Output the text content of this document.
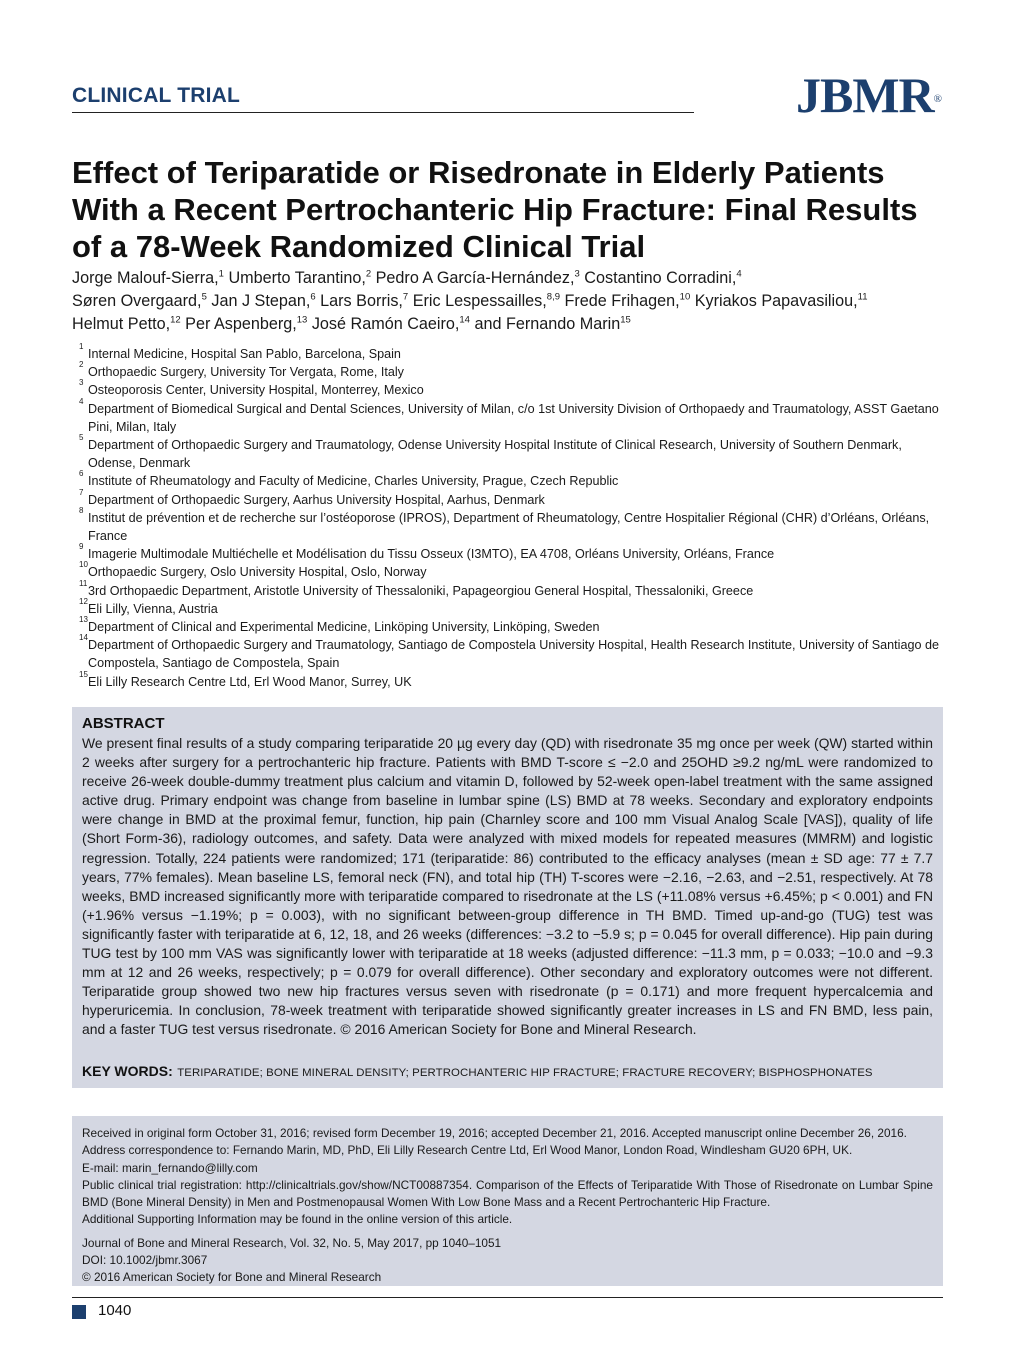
CLINICAL TRIAL	JBMR®
Effect of Teriparatide or Risedronate in Elderly Patients With a Recent Pertrochanteric Hip Fracture: Final Results of a 78-Week Randomized Clinical Trial
Jorge Malouf-Sierra,$^1$ Umberto Tarantino,$^2$ Pedro A García-Hernández,$^3$ Costantino Corradini,$^4$
Søren Overgaard,$^5$ Jan J Stepan,$^6$ Lars Borris,$^7$ Eric Lespessailles,$^{8,9}$ Frede Frihagen,$^{10}$ Kyriakos Papavasiliou,$^{11}$
Helmut Petto,$^{12}$ Per Aspenberg,$^{13}$ José Ramón Caeiro,$^{14}$ and Fernando Marin$^{15}$
1
Internal Medicine, Hospital San Pablo, Barcelona, Spain
2
Orthopaedic Surgery, University Tor Vergata, Rome, Italy
3
Osteoporosis Center, University Hospital, Monterrey, Mexico
4
Department of Biomedical Surgical and Dental Sciences, University of Milan, c/o 1st University Division of Orthopaedy and Traumatology, ASST Gaetano Pini, Milan, Italy
5
Department of Orthopaedic Surgery and Traumatology, Odense University Hospital Institute of Clinical Research, University of Southern Denmark, Odense, Denmark
6
Institute of Rheumatology and Faculty of Medicine, Charles University, Prague, Czech Republic
7
Department of Orthopaedic Surgery, Aarhus University Hospital, Aarhus, Denmark
8
Institut de prévention et de recherche sur l’ostéoporose (IPROS), Department of Rheumatology, Centre Hospitalier Régional (CHR) d’Orléans, Orléans, France
9
Imagerie Multimodale Multiéchelle et Modélisation du Tissu Osseux (I3MTO), EA 4708, Orléans University, Orléans, France
10
Orthopaedic Surgery, Oslo University Hospital, Oslo, Norway
11
3rd Orthopaedic Department, Aristotle University of Thessaloniki, Papageorgiou General Hospital, Thessaloniki, Greece
12
Eli Lilly, Vienna, Austria
13
Department of Clinical and Experimental Medicine, Linköping University, Linköping, Sweden
14
Department of Orthopaedic Surgery and Traumatology, Santiago de Compostela University Hospital, Health Research Institute, University of Santiago de Compostela, Santiago de Compostela, Spain
15
Eli Lilly Research Centre Ltd, Erl Wood Manor, Surrey, UK
ABSTRACT
We present final results of a study comparing teriparatide 20 µg every day (QD) with risedronate 35 mg once per week (QW) started within 2 weeks after surgery for a pertrochanteric hip fracture. Patients with BMD T-score ≤ −2.0 and 25OHD ≥9.2 ng/mL were randomized to receive 26-week double-dummy treatment plus calcium and vitamin D, followed by 52-week open-label treatment with the same assigned active drug. Primary endpoint was change from baseline in lumbar spine (LS) BMD at 78 weeks. Secondary and exploratory endpoints were change in BMD at the proximal femur, function, hip pain (Charnley score and 100 mm Visual Analog Scale [VAS]), quality of life (Short Form-36), radiology outcomes, and safety. Data were analyzed with mixed models for repeated measures (MMRM) and logistic regression. Totally, 224 patients were randomized; 171 (teriparatide: 86) contributed to the efficacy analyses (mean ± SD age: 77 ± 7.7 years, 77% females). Mean baseline LS, femoral neck (FN), and total hip (TH) T-scores were −2.16, −2.63, and −2.51, respectively. At 78 weeks, BMD increased significantly more with teriparatide compared to risedronate at the LS (+11.08% versus +6.45%; p < 0.001) and FN (+1.96% versus −1.19%; p = 0.003), with no significant between-group difference in TH BMD. Timed up-and-go (TUG) test was significantly faster with teriparatide at 6, 12, 18, and 26 weeks (differences: −3.2 to −5.9 s; p = 0.045 for overall difference). Hip pain during TUG test by 100 mm VAS was significantly lower with teriparatide at 18 weeks (adjusted difference: −11.3 mm, p = 0.033; −10.0 and −9.3 mm at 12 and 26 weeks, respectively; p = 0.079 for overall difference). Other secondary and exploratory outcomes were not different. Teriparatide group showed two new hip fractures versus seven with risedronate (p = 0.171) and more frequent hypercalcemia and hyperuricemia. In conclusion, 78-week treatment with teriparatide showed significantly greater increases in LS and FN BMD, less pain, and a faster TUG test versus risedronate. © 2016 American Society for Bone and Mineral Research.
KEY WORDS: TERIPARATIDE; BONE MINERAL DENSITY; PERTROCHANTERIC HIP FRACTURE; FRACTURE RECOVERY; BISPHOSPHONATES

Received in original form October 31, 2016; revised form December 19, 2016; accepted December 21, 2016. Accepted manuscript online December 26, 2016.

Address correspondence to: Fernando Marin, MD, PhD, Eli Lilly Research Centre Ltd, Erl Wood Manor, London Road, Windlesham GU20 6PH, UK.

E-mail: marin_fernando@lilly.com

Public clinical trial registration: http://clinicaltrials.gov/show/NCT00887354. Comparison of the Effects of Teriparatide With Those of Risedronate on Lumbar Spine BMD (Bone Mineral Density) in Men and Postmenopausal Women With Low Bone Mass and a Recent Pertrochanteric Hip Fracture.

Additional Supporting Information may be found in the online version of this article.

Journal of Bone and Mineral Research, Vol. 32, No. 5, May 2017, pp 1040–1051

DOI: 10.1002/jbmr.3067

© 2016 American Society for Bone and Mineral Research

1040
